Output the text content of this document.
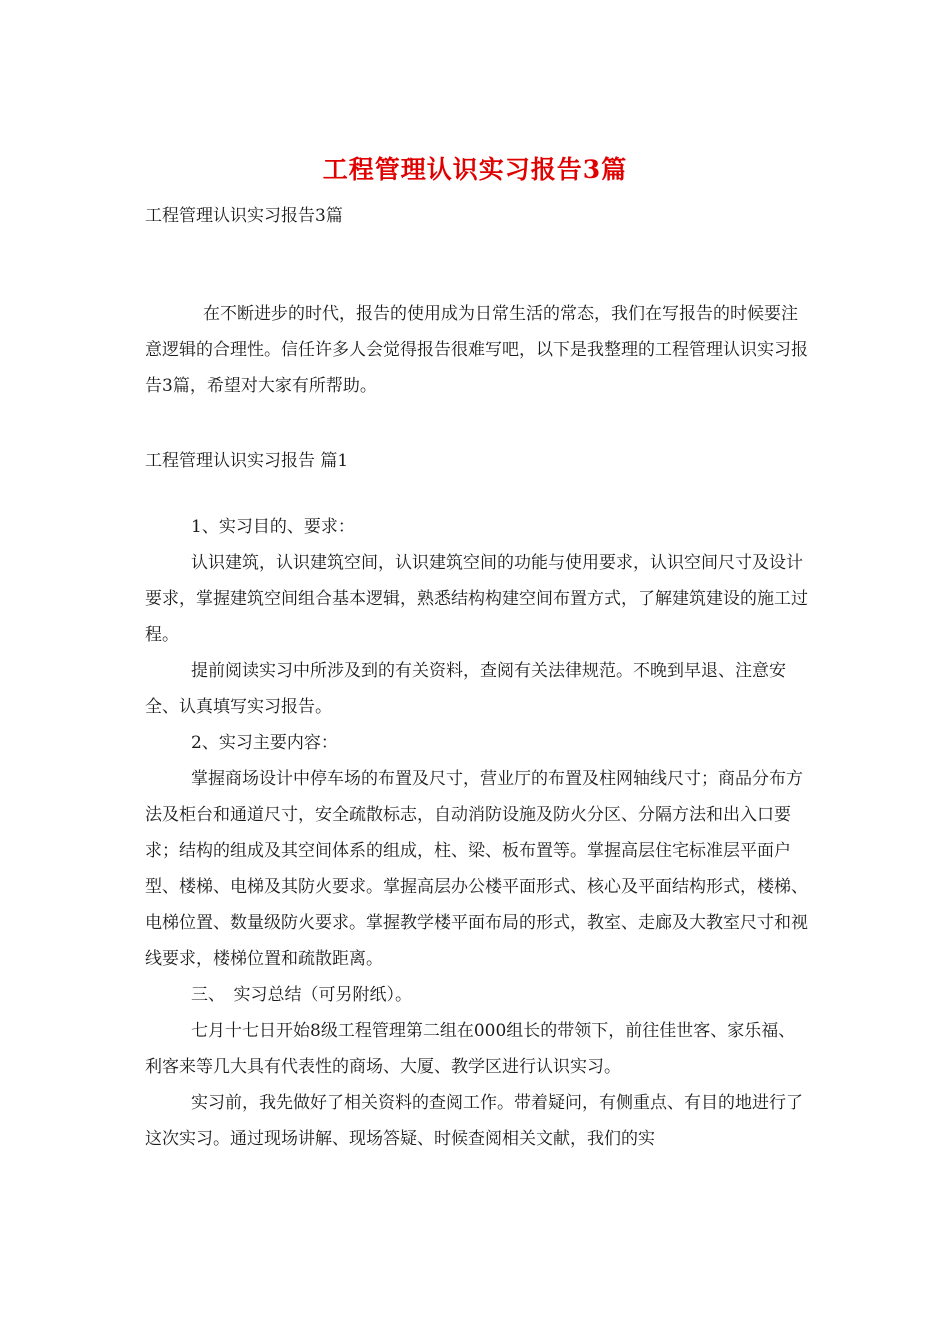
工程管理认识实习报告3篇
工程管理认识实习报告3篇

在不断进步的时代，报告的使用成为日常生活的常态，我们在写报告的时候要注意逻辑的合理性。信任许多人会觉得报告很难写吧，以下是我整理的工程管理认识实习报告3篇，希望对大家有所帮助。

工程管理认识实习报告 篇1

1、实习目的、要求：

认识建筑，认识建筑空间，认识建筑空间的功能与使用要求，认识空间尺寸及设计要求，掌握建筑空间组合基本逻辑，熟悉结构构建空间布置方式，了解建筑建设的施工过程。

提前阅读实习中所涉及到的有关资料，查阅有关法律规范。不晚到早退、注意安全、认真填写实习报告。

2、实习主要内容：

掌握商场设计中停车场的布置及尺寸，营业厅的布置及柱网轴线尺寸；商品分布方法及柜台和通道尺寸，安全疏散标志，自动消防设施及防火分区、分隔方法和出入口要求；结构的组成及其空间体系的组成，柱、梁、板布置等。掌握高层住宅标准层平面户型、楼梯、电梯及其防火要求。掌握高层办公楼平面形式、核心及平面结构形式，楼梯、电梯位置、数量级防火要求。掌握教学楼平面布局的形式，教室、走廊及大教室尺寸和视线要求，楼梯位置和疏散距离。

三、　实习总结（可另附纸）。

七月十七日开始8级工程管理第二组在000组长的带领下，前往佳世客、家乐福、利客来等几大具有代表性的商场、大厦、教学区进行认识实习。

实习前，我先做好了相关资料的查阅工作。带着疑问，有侧重点、有目的地进行了这次实习。通过现场讲解、现场答疑、时候查阅相关文献，我们的实
